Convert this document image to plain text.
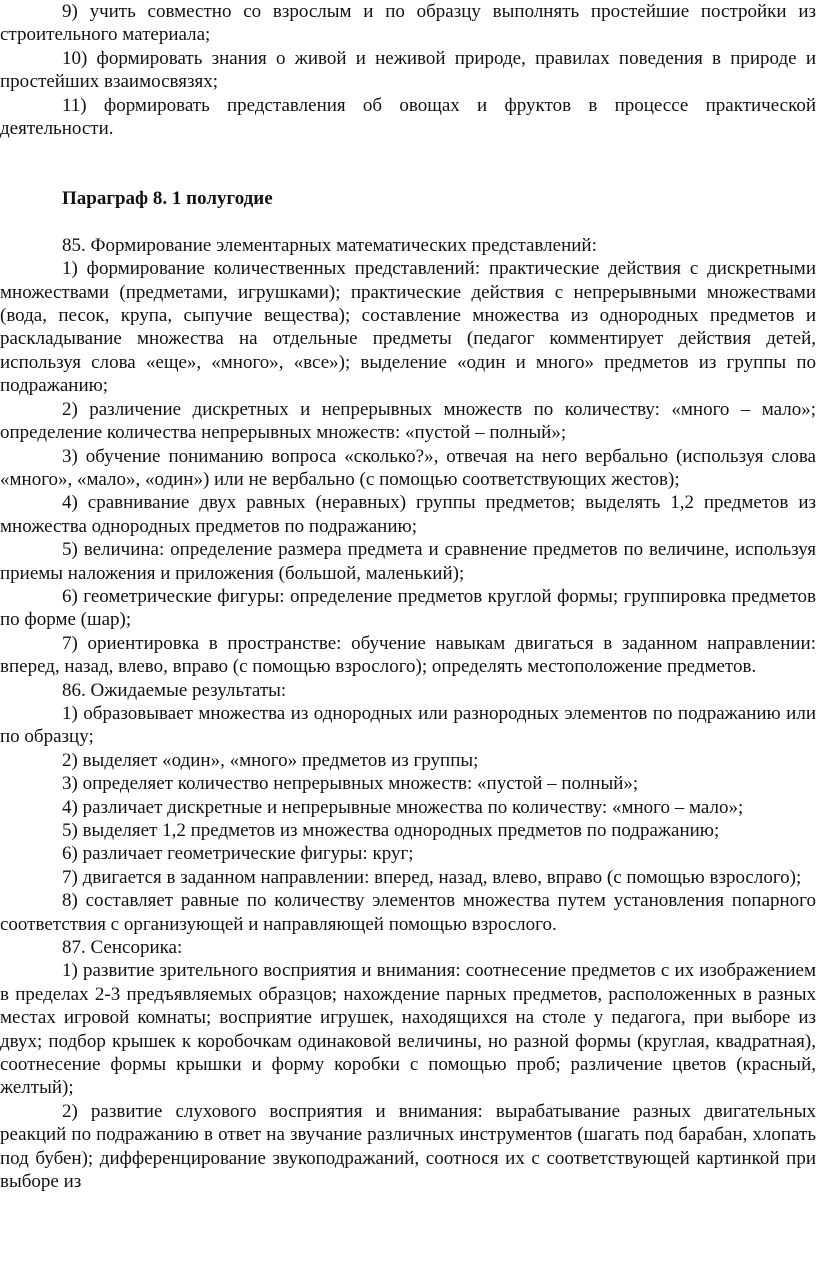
9) учить совместно со взрослым и по образцу выполнять простейшие постройки из строительного материала;

10) формировать знания о живой и неживой природе, правилах поведения в природе и простейших взаимосвязях;

11) формировать представления об овощах и фруктов в процессе практической деятельности.

Параграф 8. 1 полугодие

85. Формирование элементарных математических представлений:

1) формирование количественных представлений: практические действия с дискретными множествами (предметами, игрушками); практические действия с непрерывными множествами (вода, песок, крупа, сыпучие вещества); составление множества из однородных предметов и раскладывание множества на отдельные предметы (педагог комментирует действия детей, используя слова «еще», «много», «все»); выделение «один и много» предметов из группы по подражанию;

2) различение дискретных и непрерывных множеств по количеству: «много – мало»; определение количества непрерывных множеств: «пустой – полный»;

3) обучение пониманию вопроса «сколько?», отвечая на него вербально (используя слова «много», «мало», «один») или не вербально (с помощью соответствующих жестов);

4) сравнивание двух равных (неравных) группы предметов; выделять 1,2 предметов из множества однородных предметов по подражанию;

5) величина: определение размера предмета и сравнение предметов по величине, используя приемы наложения и приложения (большой, маленький);

6) геометрические фигуры: определение предметов круглой формы; группировка предметов по форме (шар);

7) ориентировка в пространстве: обучение навыкам двигаться в заданном направлении: вперед, назад, влево, вправо (с помощью взрослого); определять местоположение предметов.

86. Ожидаемые результаты:

1) образовывает множества из однородных или разнородных элементов по подражанию или по образцу;

2) выделяет «один», «много» предметов из группы;

3) определяет количество непрерывных множеств: «пустой – полный»;

4) различает дискретные и непрерывные множества по количеству: «много – мало»;

5) выделяет 1,2 предметов из множества однородных предметов по подражанию;

6) различает геометрические фигуры: круг;

7) двигается в заданном направлении: вперед, назад, влево, вправо (с помощью взрослого);

8) составляет равные по количеству элементов множества путем установления попарного соответствия с организующей и направляющей помощью взрослого.

87. Сенсорика:

1) развитие зрительного восприятия и внимания: соотнесение предметов с их изображением в пределах 2-3 предъявляемых образцов; нахождение парных предметов, расположенных в разных местах игровой комнаты; восприятие игрушек, находящихся на столе у педагога, при выборе из двух; подбор крышек к коробочкам одинаковой величины, но разной формы (круглая, квадратная), соотнесение формы крышки и форму коробки с помощью проб; различение цветов (красный, желтый);

2) развитие слухового восприятия и внимания: вырабатывание разных двигательных реакций по подражанию в ответ на звучание различных инструментов (шагать под барабан, хлопать под бубен); дифференцирование звукоподражаний, соотнося их с соответствующей картинкой при выборе из
